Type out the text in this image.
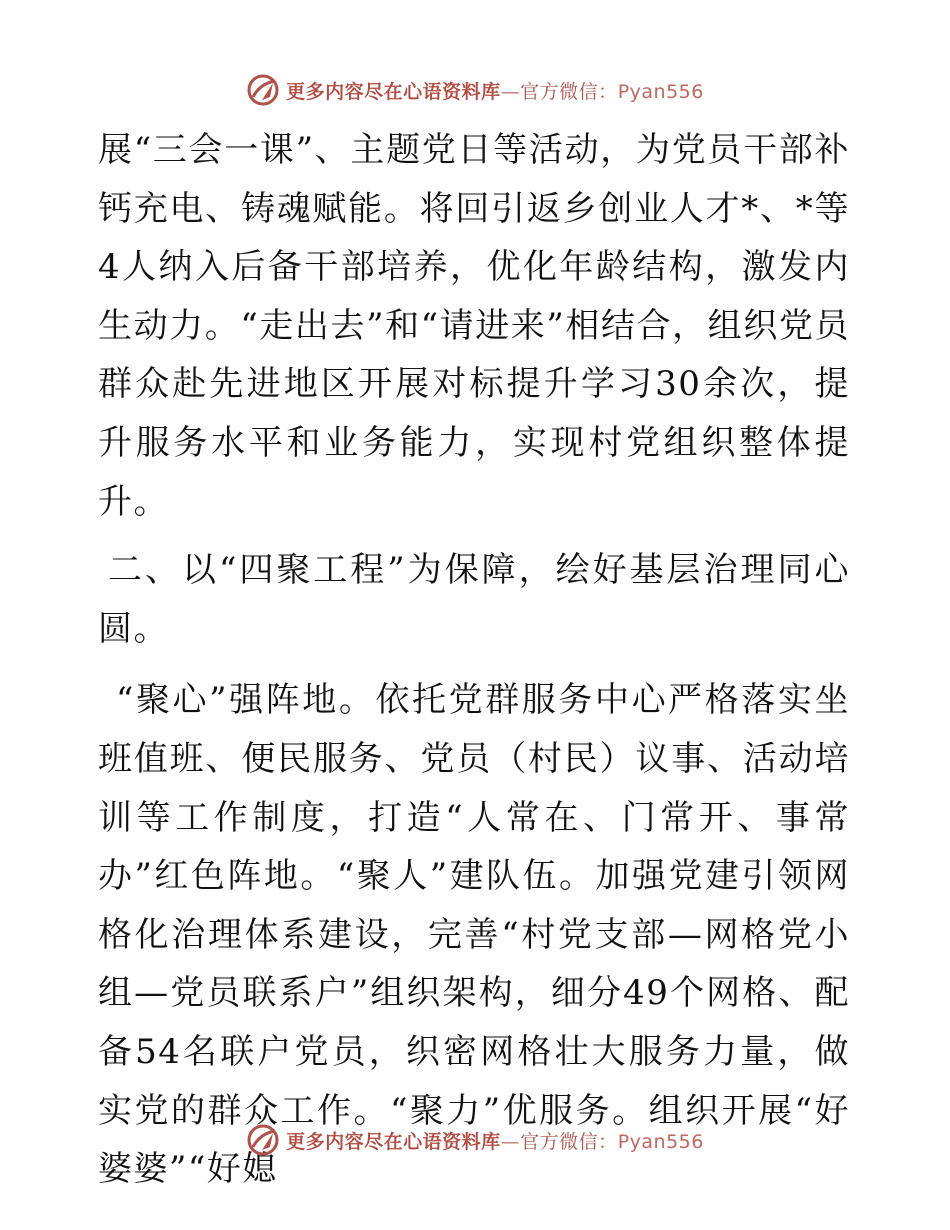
更多内容尽在心语资料库—官方微信：Pyan556

展“三会一课”、主题党日等活动，为党员干部补钙充电、铸魂赋能。将回引返乡创业人才*、*等4人纳入后备干部培养，优化年龄结构，激发内生动力。“走出去”和“请进来”相结合，组织党员群众赴先进地区开展对标提升学习30余次，提升服务水平和业务能力，实现村党组织整体提升。

二、以“四聚工程”为保障，绘好基层治理同心圆。

“聚心”强阵地。依托党群服务中心严格落实坐班值班、便民服务、党员（村民）议事、活动培训等工作制度，打造“人常在、门常开、事常办”红色阵地。“聚人”建队伍。加强党建引领网格化治理体系建设，完善“村党支部—网格党小组—党员联系户”组织架构，细分49个网格、配备54名联户党员，织密网格壮大服务力量，做实党的群众工作。“聚力”优服务。组织开展“好婆婆”“好媳

更多内容尽在心语资料库—官方微信：Pyan556
